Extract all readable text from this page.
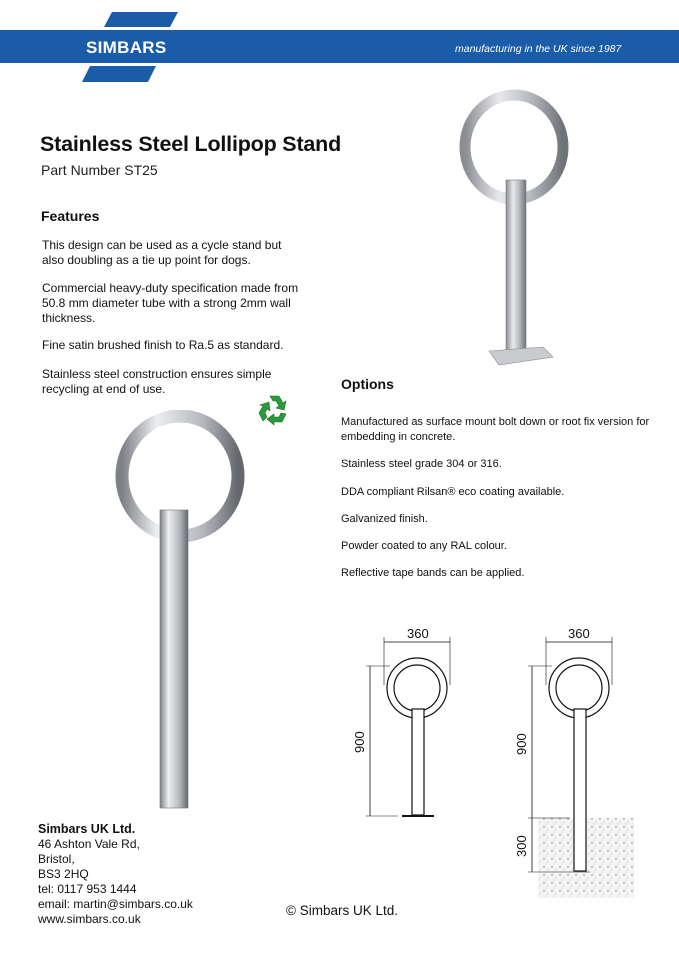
SIMBARS	manufacturing in the UK since 1987
Stainless Steel Lollipop Stand
Part Number ST25
Features
This design can be used as a cycle stand but also doubling as a tie up point for dogs.
Commercial heavy-duty specification made from 50.8 mm diameter tube with a strong 2mm wall thickness.
Fine satin brushed finish to Ra.5 as standard.
Stainless steel construction ensures simple recycling at end of use.	Options
Manufactured as surface mount bolt down or root fix version for embedding in concrete.
Stainless steel grade 304 or 316.
DDA compliant Rilsan® eco coating available.
Galvanized finish.
Powder coated to any RAL colour.
Reflective tape bands can be applied.
360
900
360
900
300
Simbars UK Ltd.
46 Ashton Vale Rd,
Bristol,
BS3 2HQ
tel: 0117 953 1444
email: martin@simbars.co.uk
www.simbars.co.uk
© Simbars UK Ltd.
